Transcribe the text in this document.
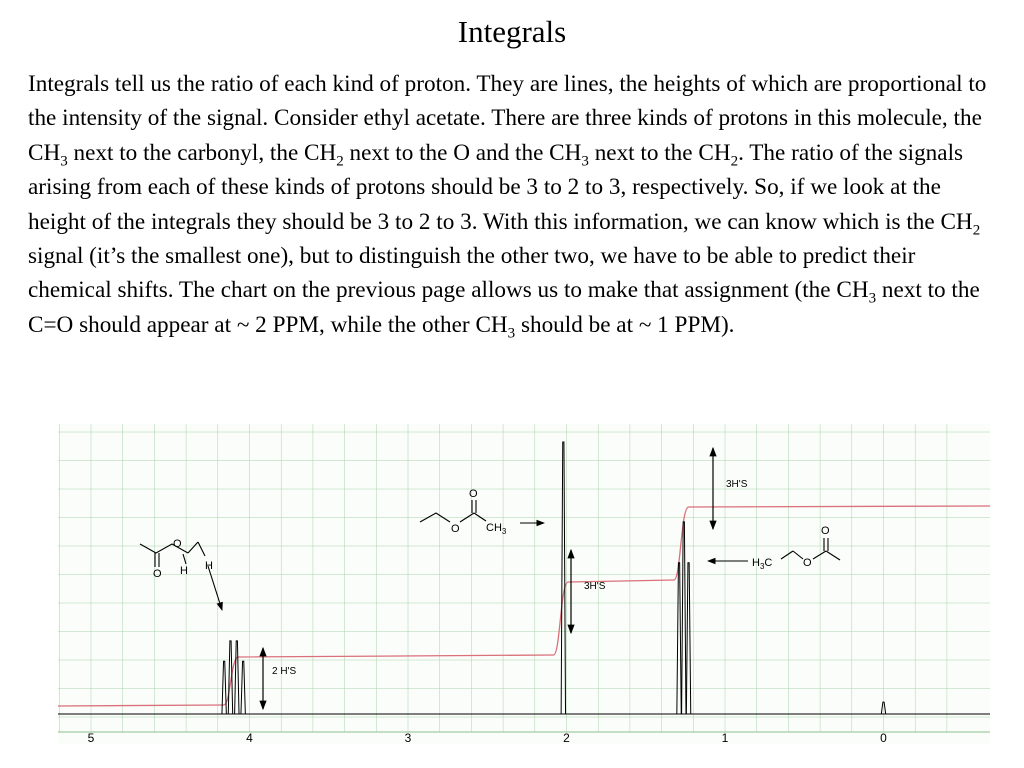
Integrals
Integrals tell us the ratio of each kind of proton. They are lines, the heights of which are proportional to the intensity of the signal. Consider ethyl acetate. There are three kinds of protons in this molecule, the $CH_3$ next to the carbonyl, the $CH_2$ next to the O and the $CH_3$ next to the $CH_2$. The ratio of the signals arising from each of these kinds of protons should be 3 to 2 to 3, respectively. So, if we look at the height of the integrals they should be 3 to 2 to 3. With this information, we can know which is the $CH_2$ signal (it’s the smallest one), but to distinguish the other two, we have to be able to predict their chemical shifts. The chart on the previous page allows us to make that assignment (the $CH_3$ next to the C=O should appear at ~ 2 PPM, while the other $CH_3$ should be at ~ 1 PPM).
5	4	3	2	1	0
2 H'S
3H'S
3H'S
O
O H H
O
O $CH_3$	O
O
$H_3C$
